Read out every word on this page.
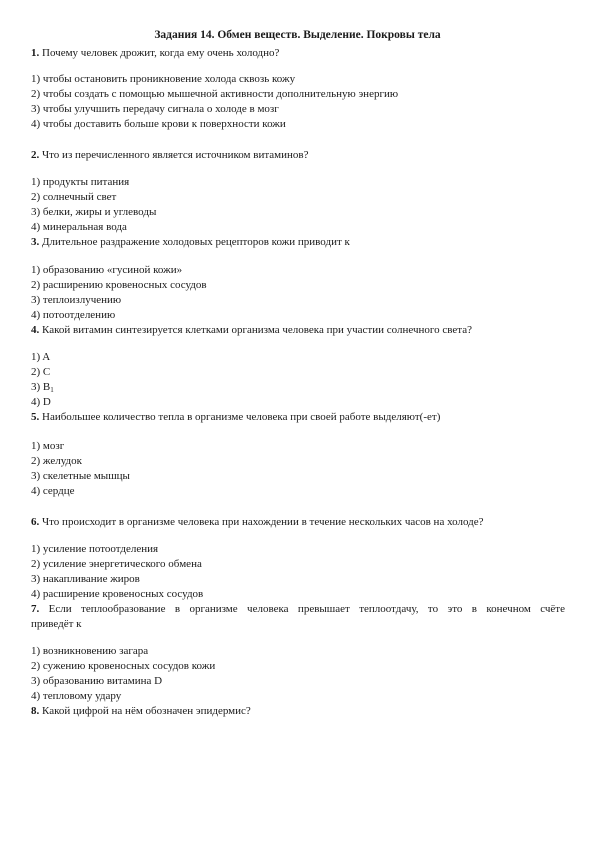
Задания 14. Обмен веществ. Выделение. Покровы тела
1. Почему человек дрожит, когда ему очень холодно?
1) чтобы остановить проникновение холода сквозь кожу
2) чтобы создать с помощью мышечной активности дополнительную энергию
3) чтобы улучшить передачу сигнала о холоде в мозг
4) чтобы доставить больше крови к поверхности кожи
2. Что из перечисленного является источником витаминов?
1) продукты питания
2) солнечный свет
3) белки, жиры и углеводы
4) минеральная вода
3. Длительное раздражение холодовых рецепторов кожи приводит к
1) образованию «гусиной кожи»
2) расширению кровеносных сосудов
3) теплоизлучению
4) потоотделению
4. Какой витамин синтезируется клетками организма человека при участии солнечного света?
1) A
2) C
3) $B_1$
4) D
5. Наибольшее количество тепла в организме человека при своей работе выделяют(-ет)
1) мозг
2) желудок
3) скелетные мышцы
4) сердце
6. Что происходит в организме человека при нахождении в течение нескольких часов на холоде?
1) усиление потоотделения
2) усиление энергетического обмена
3) накапливание жиров
4) расширение кровеносных сосудов
7. Если теплообразование в организме человека превышает теплоотдачу, то это в конечном счёте
приведёт к
1) возникновению загара
2) сужению кровеносных сосудов кожи
3) образованию витамина D
4) тепловому удару
8. Какой цифрой на нём обозначен эпидермис?
